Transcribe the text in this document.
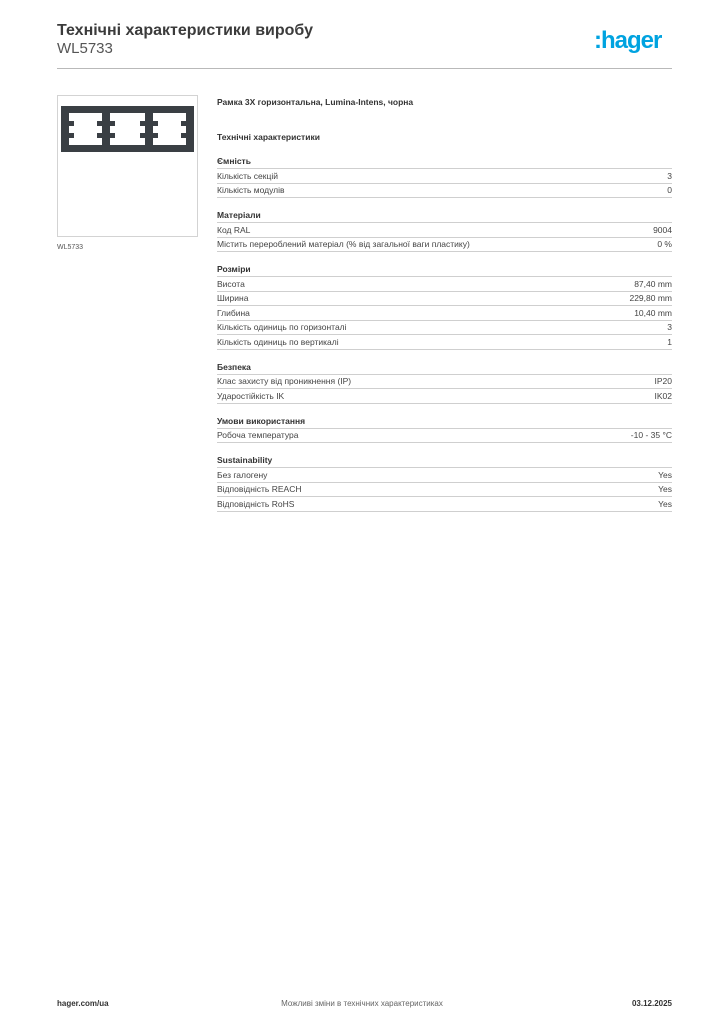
Технічні характеристики виробу
WL5733	:hager
WL5733
Рамка 3X горизонтальна, Lumina-Intens, чорна
Технічні характеристики
Ємність
Кількість секцій	3
Кількість модулів	0
Матеріали
Код RAL	9004
Містить перероблений матеріал (% від загальної ваги пластику)	0 %
Розміри
Висота	87,40 mm
Ширина	229,80 mm
Глибина	10,40 mm
Кількість одиниць по горизонталі	3
Кількість одиниць по вертикалі	1
Безпека
Клас захисту від проникнення (IP)	IP20
Ударостійкість IK	IK02
Умови використання
Робоча температура	-10 - 35 °C
Sustainability
Без галогену	Yes
Відповідність REACH	Yes
Відповідність RoHS	Yes
hager.com/ua	Можливі зміни в технічних характеристиках	03.12.2025
